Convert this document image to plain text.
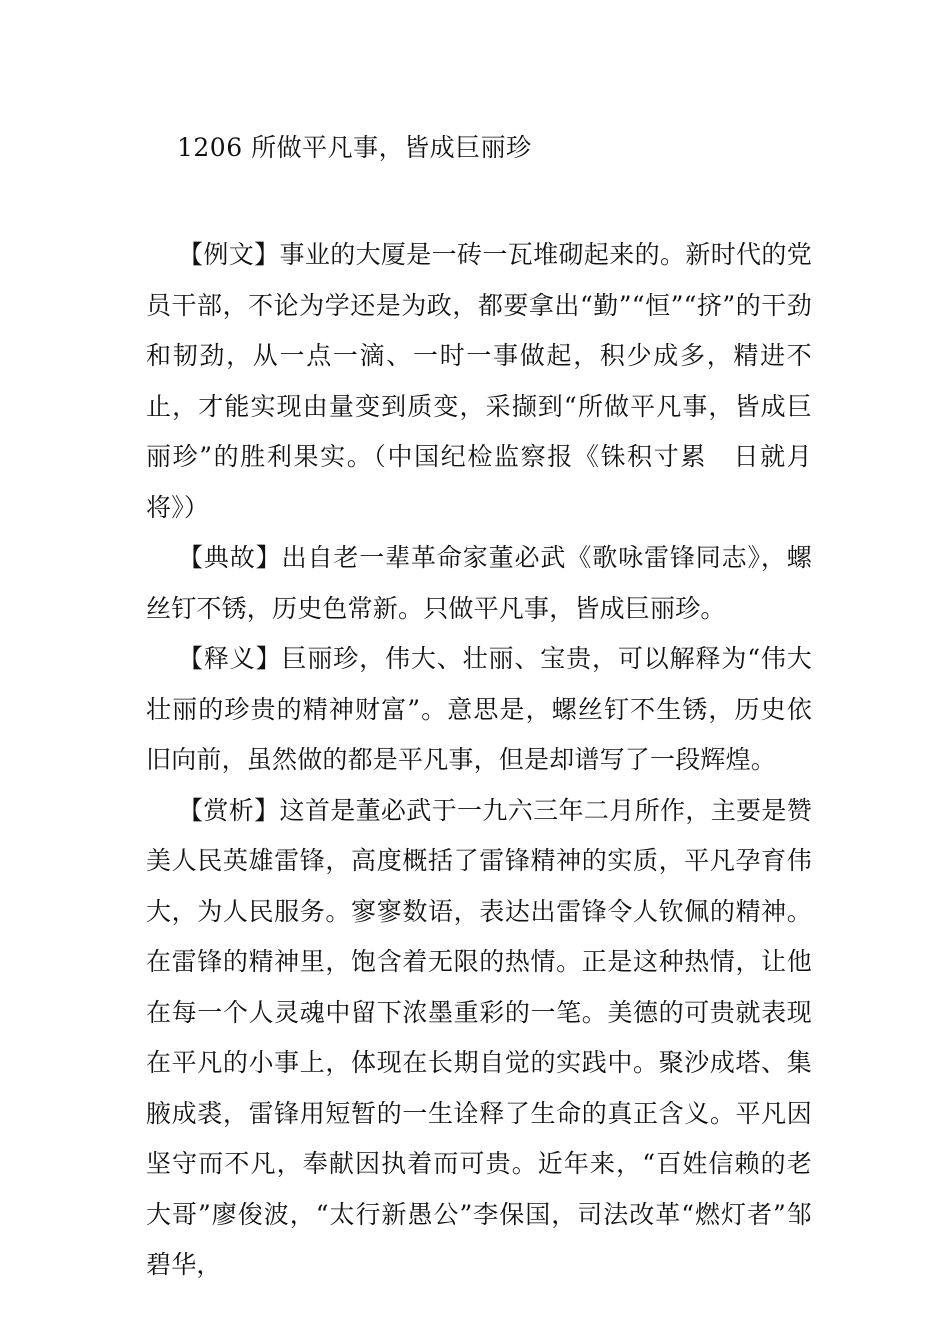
1206 所做平凡事，皆成巨丽珍

【例文】事业的大厦是一砖一瓦堆砌起来的。新时代的党员干部，不论为学还是为政，都要拿出“勤”“恒”“挤”的干劲和韧劲，从一点一滴、一时一事做起，积少成多，精进不止，才能实现由量变到质变，采撷到“所做平凡事，皆成巨丽珍”的胜利果实。（中国纪检监察报《铢积寸累　日就月将》）

【典故】出自老一辈革命家董必武《歌咏雷锋同志》，螺丝钉不锈，历史色常新。只做平凡事，皆成巨丽珍。

【释义】巨丽珍，伟大、壮丽、宝贵，可以解释为“伟大壮丽的珍贵的精神财富”。意思是，螺丝钉不生锈，历史依旧向前，虽然做的都是平凡事，但是却谱写了一段辉煌。

【赏析】这首是董必武于一九六三年二月所作，主要是赞美人民英雄雷锋，高度概括了雷锋精神的实质，平凡孕育伟大，为人民服务。寥寥数语，表达出雷锋令人钦佩的精神。在雷锋的精神里，饱含着无限的热情。正是这种热情，让他在每一个人灵魂中留下浓墨重彩的一笔。美德的可贵就表现在平凡的小事上，体现在长期自觉的实践中。聚沙成塔、集腋成裘，雷锋用短暂的一生诠释了生命的真正含义。平凡因坚守而不凡，奉献因执着而可贵。近年来，“百姓信赖的老大哥”廖俊波，“太行新愚公”李保国，司法改革“燃灯者”邹碧华，
